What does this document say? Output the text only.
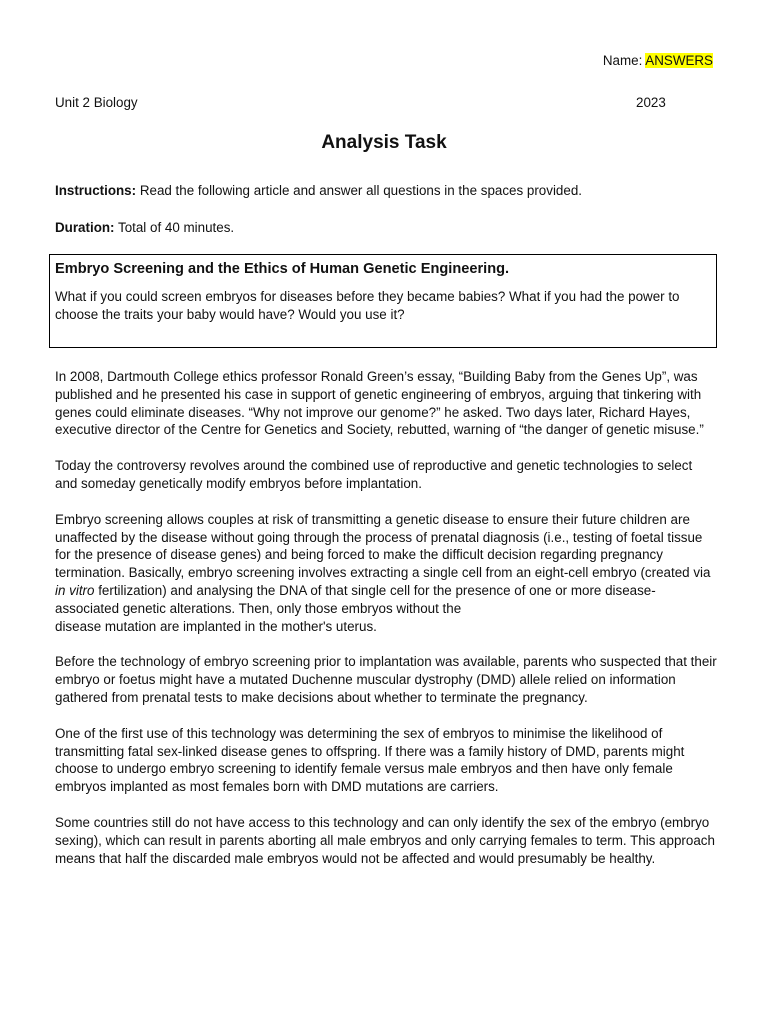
Name: ANSWERS
Unit 2 Biology	2023
Analysis Task
Instructions: Read the following article and answer all questions in the spaces provided.
Duration: Total of 40 minutes.
Embryo Screening and the Ethics of Human Genetic Engineering.
What if you could screen embryos for diseases before they became babies? What if you had the power to choose the traits your baby would have? Would you use it?

In 2008, Dartmouth College ethics professor Ronald Green’s essay, “Building Baby from the Genes Up”, was published and he presented his case in support of genetic engineering of embryos, arguing that tinkering with genes could eliminate diseases. “Why not improve our genome?” he asked. Two days later, Richard Hayes, executive director of the Centre for Genetics and Society, rebutted, warning of “the danger of genetic misuse.”

Today the controversy revolves around the combined use of reproductive and genetic technologies to select and someday genetically modify embryos before implantation.

Embryo screening allows couples at risk of transmitting a genetic disease to ensure their future children are unaffected by the disease without going through the process of prenatal diagnosis (i.e., testing of foetal tissue for the presence of disease genes) and being forced to make the difficult decision regarding pregnancy termination. Basically, embryo screening involves extracting a single cell from an eight-cell embryo (created via in vitro fertilization) and analysing the DNA of that single cell for the presence of one or more disease-associated genetic alterations. Then, only those embryos without the
disease mutation are implanted in the mother's uterus.

Before the technology of embryo screening prior to implantation was available, parents who suspected that their embryo or foetus might have a mutated Duchenne muscular dystrophy (DMD) allele relied on information gathered from prenatal tests to make decisions about whether to terminate the pregnancy.

One of the first use of this technology was determining the sex of embryos to minimise the likelihood of transmitting fatal sex-linked disease genes to offspring. If there was a family history of DMD, parents might choose to undergo embryo screening to identify female versus male embryos and then have only female embryos implanted as most females born with DMD mutations are carriers.

Some countries still do not have access to this technology and can only identify the sex of the embryo (embryo sexing), which can result in parents aborting all male embryos and only carrying females to term. This approach means that half the discarded male embryos would not be affected and would presumably be healthy.
